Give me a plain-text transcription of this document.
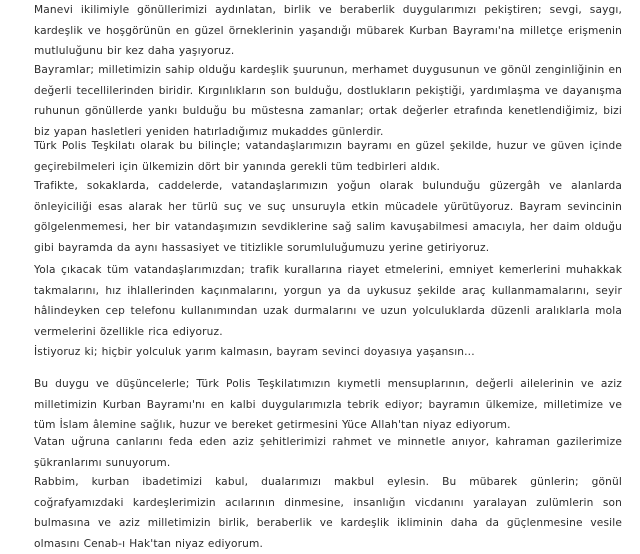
Manevi ikilimiyle gönüllerimizi aydınlatan, birlik ve beraberlik duygularımızı pekiştiren; sevgi, saygı, kardeşlik ve hoşgörünün en güzel örneklerinin yaşandığı mübarek Kurban Bayramı'na milletçe erişmenin mutluluğunu bir kez daha yaşıyoruz.

Bayramlar; milletimizin sahip olduğu kardeşlik şuurunun, merhamet duygusunun ve gönül zenginliğinin en değerli tecellilerinden biridir. Kırgınlıkların son bulduğu, dostlukların pekiştiği, yardımlaşma ve dayanışma ruhunun gönüllerde yankı bulduğu bu müstesna zamanlar; ortak değerler etrafında kenetlendiğimiz, bizi biz yapan hasletleri yeniden hatırladığımız mukaddes günlerdir.

Türk Polis Teşkilatı olarak bu bilinçle; vatandaşlarımızın bayramı en güzel şekilde, huzur ve güven içinde geçirebilmeleri için ülkemizin dört bir yanında gerekli tüm tedbirleri aldık.

Trafikte, sokaklarda, caddelerde, vatandaşlarımızın yoğun olarak bulunduğu güzergâh ve alanlarda önleyiciliği esas alarak her türlü suç ve suç unsuruyla etkin mücadele yürütüyoruz. Bayram sevincinin gölgelenmemesi, her bir vatandaşımızın sevdiklerine sağ salim kavuşabilmesi amacıyla, her daim olduğu gibi bayramda da aynı hassasiyet ve titizlikle sorumluluğumuzu yerine getiriyoruz.

Yola çıkacak tüm vatandaşlarımızdan; trafik kurallarına riayet etmelerini, emniyet kemerlerini muhakkak takmalarını, hız ihlallerinden kaçınmalarını, yorgun ya da uykusuz şekilde araç kullanmamalarını, seyir hâlindeyken cep telefonu kullanımından uzak durmalarını ve uzun yolculuklarda düzenli aralıklarla mola vermelerini özellikle rica ediyoruz.

İstiyoruz ki; hiçbir yolculuk yarım kalmasın, bayram sevinci doyasıya yaşansın...

Bu duygu ve düşüncelerle; Türk Polis Teşkilatımızın kıymetli mensuplarının, değerli ailelerinin ve aziz milletimizin Kurban Bayramı'nı en kalbi duygularımızla tebrik ediyor; bayramın ülkemize, milletimize ve tüm İslam âlemine sağlık, huzur ve bereket getirmesini Yüce Allah'tan niyaz ediyorum.

Vatan uğruna canlarını feda eden aziz şehitlerimizi rahmet ve minnetle anıyor, kahraman gazilerimize şükranlarımı sunuyorum.

Rabbim, kurban ibadetimizi kabul, dualarımızı makbul eylesin. Bu mübarek günlerin; gönül coğrafyamızdaki kardeşlerimizin acılarının dinmesine, insanlığın vicdanını yaralayan zulümlerin son bulmasına ve aziz milletimizin birlik, beraberlik ve kardeşlik ikliminin daha da güçlenmesine vesile olmasını Cenab-ı Hak'tan niyaz ediyorum.
